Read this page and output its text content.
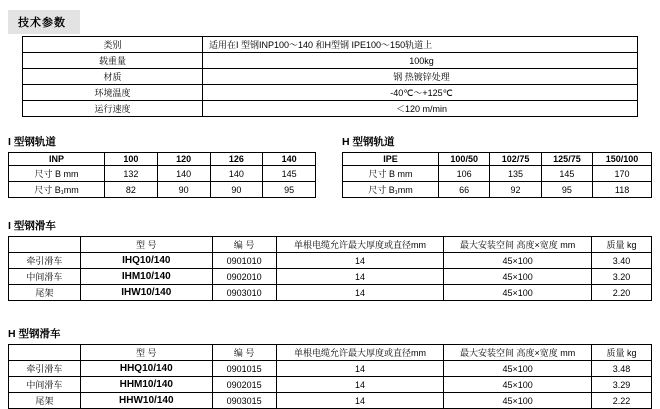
技术参数
类别	适用在I 型钢INP100～140 和H型钢 IPE100～150轨道上
载重量	100kg
材质	钢 热镀锌处理
环境温度	-40℃～+125℃
运行速度	＜120 m/min
I 型钢轨道	H 型钢轨道
INP	100	120	126	140
尺寸 B mm	132	140	140	145
尺寸 B₁mm	82	90	90	95
IPE	100/50	102/75	125/75	150/100
尺寸 B mm	106	135	145	170
尺寸 B₁mm	66	92	95	118
I 型钢滑车
	型 号	编 号	单根电缆允许最大厚度或直径mm	最大安装空间 高度×宽度 mm	质量 kg
牵引滑车	IHQ10/140	0901010	14	45×100	3.40
中间滑车	IHM10/140	0902010	14	45×100	3.20
尾架	IHW10/140	0903010	14	45×100	2.20
H 型钢滑车
	型 号	编 号	单根电缆允许最大厚度或直径mm	最大安装空间 高度×宽度 mm	质量 kg
牵引滑车	HHQ10/140	0901015	14	45×100	3.48
中间滑车	HHM10/140	0902015	14	45×100	3.29
尾架	HHW10/140	0903015	14	45×100	2.22
